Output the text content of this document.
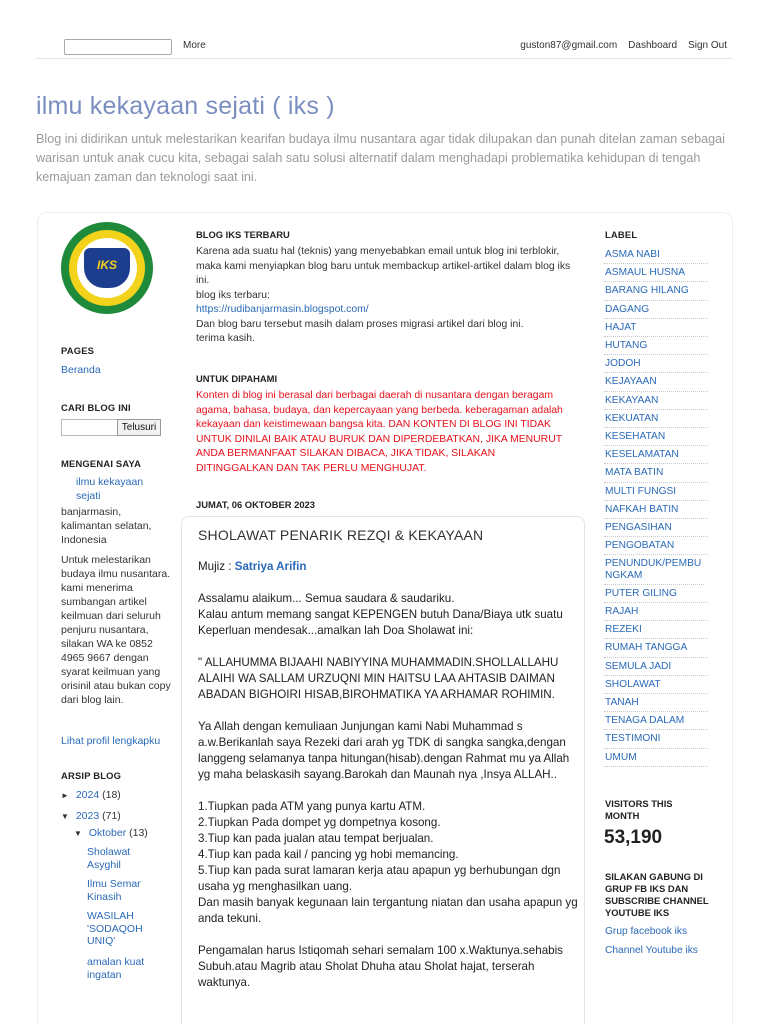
More	guston87@gmail.com Dashboard Sign Out
ilmu kekayaan sejati ( iks )
Blog ini didirikan untuk melestarikan kearifan budaya ilmu nusantara agar tidak dilupakan dan punah ditelan zaman sebagai warisan untuk anak cucu kita, sebagai salah satu solusi alternatif dalam menghadapi problematika kehidupan di tengah kemajuan zaman dan teknologi saat ini.
IKS
PAGES
Beranda
CARI BLOG INI
Telusuri
MENGENAI SAYA
ilmu kekayaan sejati
banjarmasin, kalimantan selatan, Indonesia
Untuk melestarikan budaya ilmu nusantara. kami menerima sumbangan artikel keilmuan dari seluruh penjuru nusantara, silakan WA ke 0852 4965 9667 dengan syarat keilmuan yang orisinil atau bukan copy dari blog lain.
Lihat profil lengkapku
ARSIP BLOG
► 2024 (18)
▼ 2023 (71)
▼ Oktober (13)
Sholawat Asyghil
Ilmu Semar Kinasih
WASILAH 'SODAQOH UNIQ'
amalan kuat ingatan
BLOG IKS TERBARU
Karena ada suatu hal (teknis) yang menyebabkan email untuk blog ini terblokir, maka kami menyiapkan blog baru untuk membackup artikel-artikel dalam blog iks ini.
blog iks terbaru:
https://rudibanjarmasin.blogspot.com/
Dan blog baru tersebut masih dalam proses migrasi artikel dari blog ini.
terima kasih.
UNTUK DIPAHAMI
Konten di blog ini berasal dari berbagai daerah di nusantara dengan beragam agama, bahasa, budaya, dan kepercayaan yang berbeda. keberagaman adalah kekayaan dan keistimewaan bangsa kita. DAN KONTEN DI BLOG INI TIDAK UNTUK DINILAI BAIK ATAU BURUK DAN DIPERDEBATKAN, JIKA MENURUT ANDA BERMANFAAT SILAKAN DIBACA, JIKA TIDAK, SILAKAN DITINGGALKAN DAN TAK PERLU MENGHUJAT.
JUMAT, 06 OKTOBER 2023
SHOLAWAT PENARIK REZQI & KEKAYAAN
Mujiz : Satriya Arifin
Assalamu alaikum... Semua saudara & saudariku.
Kalau antum memang sangat KEPENGEN butuh Dana/Biaya utk suatu Keperluan mendesak...amalkan lah Doa Sholawat ini:
" ALLAHUMMA BIJAAHI NABIYYINA MUHAMMADIN.SHOLLALLAHU ALAIHI WA SALLAM URZUQNI MIN HAITSU LAA AHTASIB DAIMAN ABADAN BIGHOIRI HISAB,BIROHMATIKA YA ARHAMAR ROHIMIN.
Ya Allah dengan kemuliaan Junjungan kami Nabi Muhammad s a.w.Berikanlah saya Rezeki dari arah yg TDK di sangka sangka,dengan langgeng selamanya tanpa hitungan(hisab).dengan Rahmat mu ya Allah yg maha belaskasih sayang.Barokah dan Maunah nya ,Insya ALLAH..
1.Tiupkan pada ATM yang punya kartu ATM.
2.Tiupkan Pada dompet yg dompetnya kosong.
3.Tiup kan pada jualan atau tempat berjualan.
4.Tiup kan pada kail / pancing yg hobi memancing.
5.Tiup kan pada surat lamaran kerja atau apapun yg berhubungan dgn usaha yg menghasilkan uang.
Dan masih banyak kegunaan lain tergantung niatan dan usaha apapun yg anda tekuni.
Pengamalan harus Istiqomah sehari semalam 100 x.Waktunya.sehabis Subuh.atau Magrib atau Sholat Dhuha atau Sholat hajat, terserah waktunya.
LABEL
ASMA NABI
ASMAUL HUSNA
BARANG HILANG
DAGANG
HAJAT
HUTANG
JODOH
KEJAYAAN
KEKAYAAN
KEKUATAN
KESEHATAN
KESELAMATAN
MATA BATIN
MULTI FUNGSI
NAFKAH BATIN
PENGASIHAN
PENGOBATAN
PENUNDUK/PEMBUNGKAM
PUTER GILING
RAJAH
REZEKI
RUMAH TANGGA
SEMULA JADI
SHOLAWAT
TANAH
TENAGA DALAM
TESTIMONI
UMUM
VISITORS THIS MONTH
53,190
SILAKAN GABUNG DI GRUP FB IKS DAN SUBSCRIBE CHANNEL YOUTUBE IKS
Grup facebook iks
Channel Youtube iks
